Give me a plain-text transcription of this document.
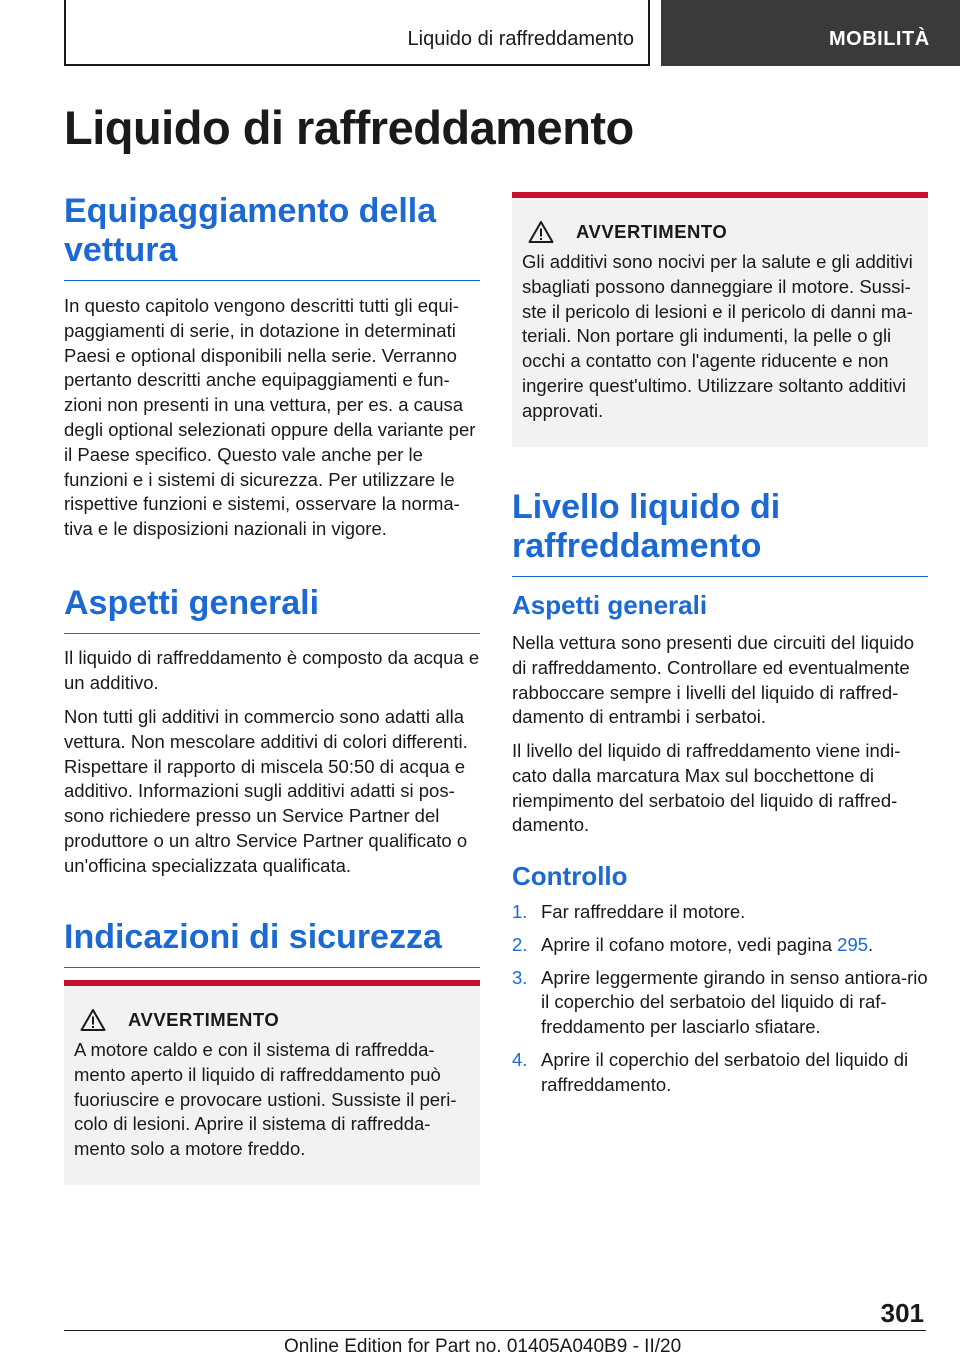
Liquido di raffreddamento	MOBILITÀ
Liquido di raffreddamento
Equipaggiamento della vettura

In questo capitolo vengono descritti tutti gli equi-paggiamenti di serie, in dotazione in determinati Paesi e optional disponibili nella serie. Verranno pertanto descritti anche equipaggiamenti e fun-zioni non presenti in una vettura, per es. a causa degli optional selezionati oppure della variante per il Paese specifico. Questo vale anche per le funzioni e i sistemi di sicurezza. Per utilizzare le rispettive funzioni e sistemi, osservare la norma-tiva e le disposizioni nazionali in vigore.

Aspetti generali

Il liquido di raffreddamento è composto da acqua e un additivo.

Non tutti gli additivi in commercio sono adatti alla vettura. Non mescolare additivi di colori differenti. Rispettare il rapporto di miscela 50:50 di acqua e additivo. Informazioni sugli additivi adatti si pos-sono richiedere presso un Service Partner del produttore o un altro Service Partner qualificato o un'officina specializzata qualificata.

Indicazioni di sicurezza
AVVERTIMENTO
A motore caldo e con il sistema di raffredda-mento aperto il liquido di raffreddamento può fuoriuscire e provocare ustioni. Sussiste il peri-colo di lesioni. Aprire il sistema di raffredda-mento solo a motore freddo.
AVVERTIMENTO
Gli additivi sono nocivi per la salute e gli additivi sbagliati possono danneggiare il motore. Sussi-ste il pericolo di lesioni e il pericolo di danni ma-teriali. Non portare gli indumenti, la pelle o gli occhi a contatto con l'agente riducente e non ingerire quest'ultimo. Utilizzare soltanto additivi approvati.
Livello liquido di raffreddamento
Aspetti generali

Nella vettura sono presenti due circuiti del liquido di raffreddamento. Controllare ed eventualmente rabboccare sempre i livelli del liquido di raffred-damento di entrambi i serbatoi.

Il livello del liquido di raffreddamento viene indi-cato dalla marcatura Max sul bocchettone di riempimento del serbatoio del liquido di raffred-damento.

Controllo
1. Far raffreddare il motore.
2. Aprire il cofano motore, vedi pagina 295.
3. Aprire leggermente girando in senso antiora-rio il coperchio del serbatoio del liquido di raf-freddamento per lasciarlo sfiatare.
4. Aprire il coperchio del serbatoio del liquido di raffreddamento.
301
Online Edition for Part no. 01405A040B9 - II/20
